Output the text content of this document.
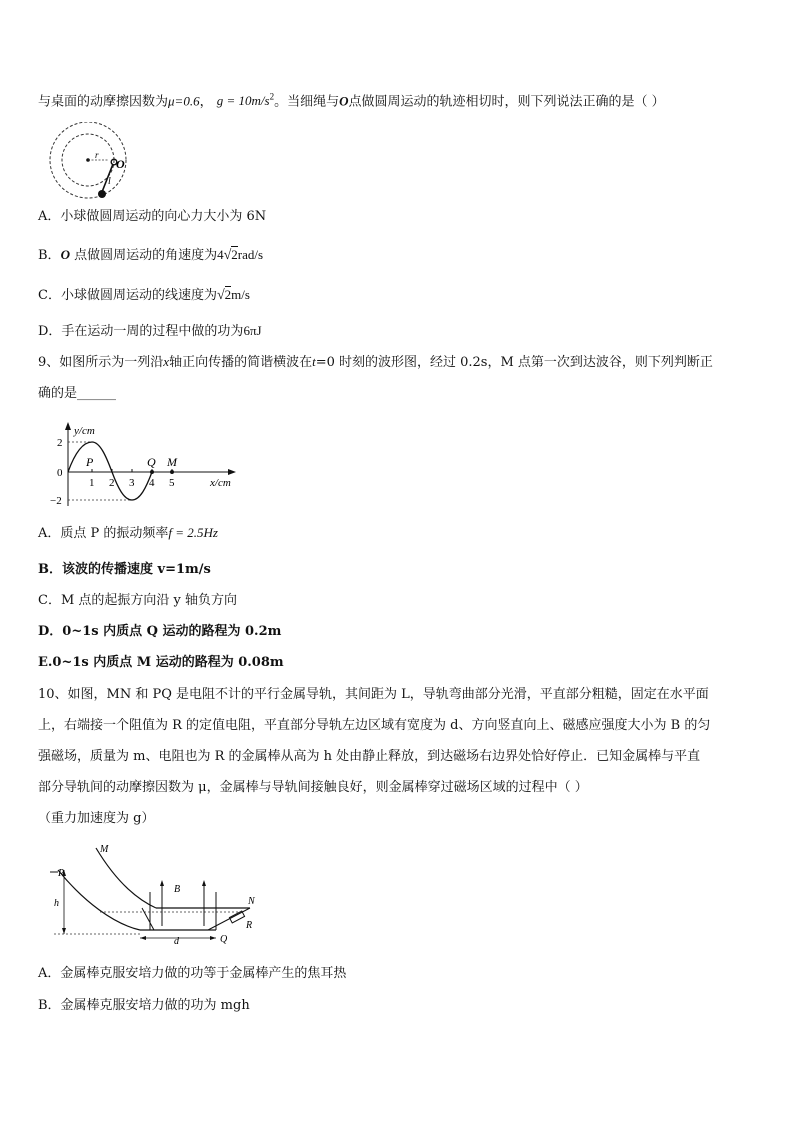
与桌面的动摩擦因数为μ=0.6， $g = 10m/s^2$。当细绳与O点做圆周运动的轨迹相切时，则下列说法正确的是（ ）
r
O
l
A．小球做圆周运动的向心力大小为 6N
B．O 点做圆周运动的角速度为4√2rad/s
C．小球做圆周运动的线速度为√2m/s
D．手在运动一周的过程中做的功为6πJ
9、如图所示为一列沿x轴正向传播的简谐横波在t=0 时刻的波形图，经过 0.2s，M 点第一次到达波谷，则下列判断正
确的是______
y/cm
x/cm
2
0
−2
1 2 3 4 5
P	Q M
A．质点 P 的振动频率f = 2.5Hz
B．该波的传播速度 v=1m/s
C．M 点的起振方向沿 y 轴负方向
D．0~1s 内质点 Q 运动的路程为 0.2m
E.0~1s 内质点 M 运动的路程为 0.08m
10、如图，MN 和 PQ 是电阻不计的平行金属导轨，其间距为 L，导轨弯曲部分光滑，平直部分粗糙，固定在水平面
上，右端接一个阻值为 R 的定值电阻，平直部分导轨左边区域有宽度为 d、方向竖直向上、磁感应强度大小为 B 的匀
强磁场，质量为 m、电阻也为 R 的金属棒从高为 h 处由静止释放，到达磁场右边界处恰好停止．已知金属棒与平直
部分导轨间的动摩擦因数为 μ，金属棒与导轨间接触良好，则金属棒穿过磁场区域的过程中（ ）
（重力加速度为 g）
P
M
N
Q
R
B
h
d
A．金属棒克服安培力做的功等于金属棒产生的焦耳热
B．金属棒克服安培力做的功为 mgh
